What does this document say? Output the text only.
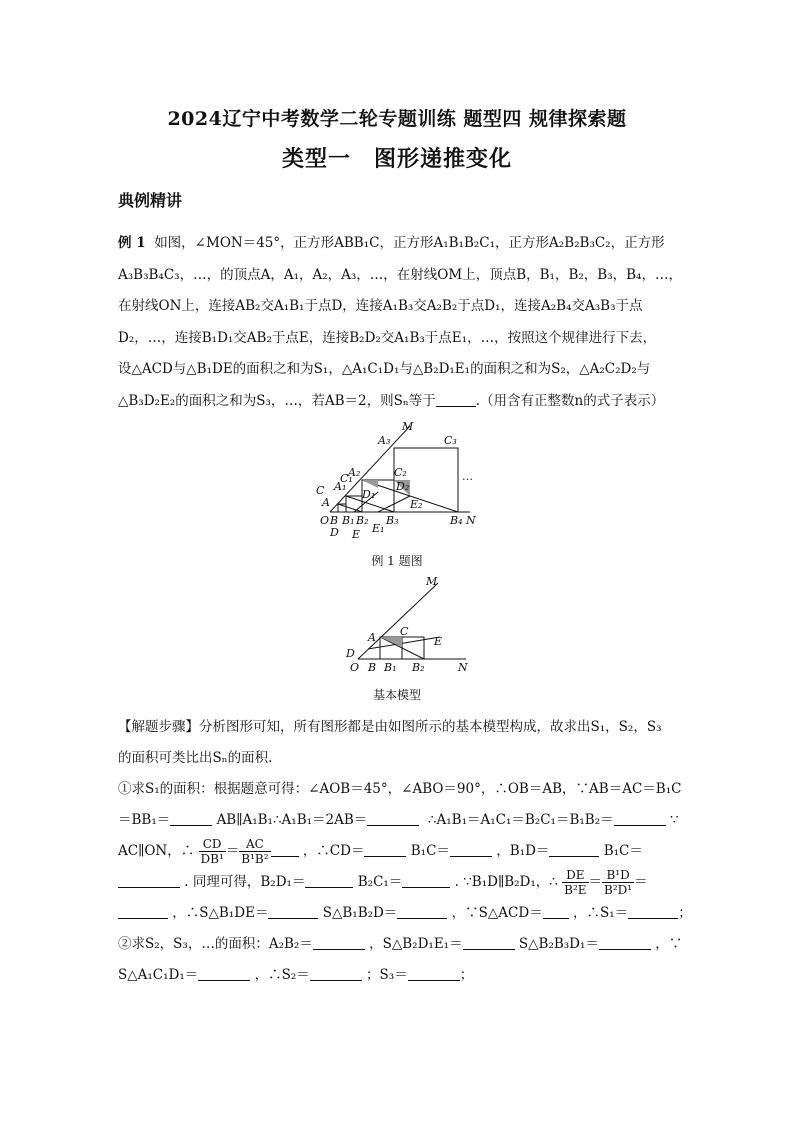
2024辽宁中考数学二轮专题训练 题型四 规律探索题
类型一　图形递推变化
典例精讲

例 1 如图，∠MON＝45°，正方形ABB₁C，正方形A₁B₁B₂C₁，正方形A₂B₂B₃C₂，正方形

A₃B₃B₄C₃，…，的顶点A，A₁，A₂，A₃，…，在射线OM上，顶点B，B₁，B₂，B₃，B₄，…，

在射线ON上，连接AB₂交A₁B₁于点D，连接A₁B₃交A₂B₂于点D₁，连接A₂B₄交A₃B₃于点

D₂，…，连接B₁D₁交AB₂于点E，连接B₂D₂交A₁B₃于点E₁，…，按照这个规律进行下去，

设△ACD与△B₁DE的面积之和为S₁，△A₁C₁D₁与△B₂D₁E₁的面积之和为S₂，△A₂C₂D₂与

△B₃D₂E₂的面积之和为S₃，…，若AB＝2，则Sₙ等于	.（用含有正整数n的式子表示）

M
A₃	C₃
A₂	C₂
C₁
A₁	D₂
C	D₁
A	E₂
…
O B B₁ B₂ B₃	B₄ N
D E E₁
例 1 题图
M
A C
E
D
O B B₁ B₂	N
基本模型

【解题步骤】分析图形可知，所有图形都是由如图所示的基本模型构成，故求出S₁，S₂，S₃

的面积可类比出Sₙ的面积.

①求S₁的面积：根据题意可得：∠AOB＝45°，∠ABO＝90°，∴OB＝AB，∵AB＝AC＝B₁C

＝BB₁＝	AB∥A₁B₁∴A₁B₁＝2AB＝	∴A₁B₁＝A₁C₁＝B₂C₁＝B₁B₂＝	∵

AC∥ON，∴ $\frac{CD}{\text{DB¹}} = \frac{AC}{\text{B¹B²}}$ ，∴CD＝	B₁C＝	，B₁D＝	B₁C＝

. 同理可得，B₂D₁＝	B₂C₁＝	. ∵B₁D∥B₂D₁，∴ $\frac{DE}{\text{B²E}} = \frac{\text{B¹D}}{\text{B²D¹}}$ ＝

，∴S△B₁DE＝	S△B₁B₂D＝	，∵S△ACD＝ ，∴S₁＝	；

②求S₂，S₃，…的面积：A₂B₂＝	，S△B₂D₁E₁＝	S△B₂B₃D₁＝	，∵

S△A₁C₁D₁＝	，∴S₂＝	；S₃＝	；
